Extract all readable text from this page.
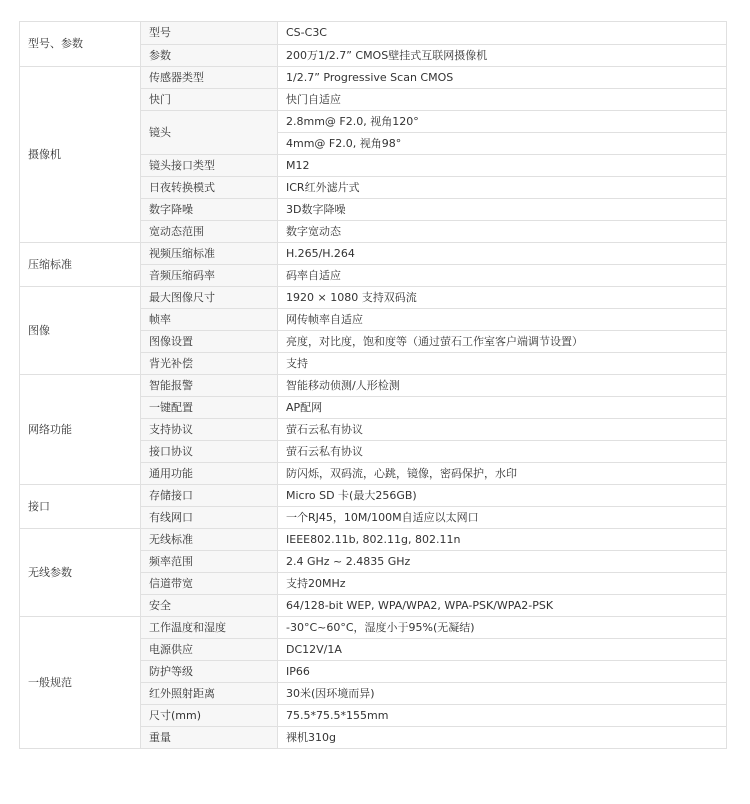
型号、参数	型号	CS-C3C
	参数	200万1/2.7” CMOS壁挂式互联网摄像机
摄像机	传感器类型	1/2.7” Progressive Scan CMOS
	快门	快门自适应
	镜头	2.8mm@ F2.0, 视角120°
		4mm@ F2.0, 视角98°
	镜头接口类型	M12
	日夜转换模式	ICR红外滤片式
	数字降噪	3D数字降噪
	宽动态范围	数字宽动态
压缩标准	视频压缩标准	H.265/H.264
	音频压缩码率	码率自适应
图像	最大图像尺寸	1920 × 1080 支持双码流
	帧率	网传帧率自适应
	图像设置	亮度，对比度，饱和度等（通过萤石工作室客户端调节设置）
	背光补偿	支持
网络功能	智能报警	智能移动侦测/人形检测
	一键配置	AP配网
	支持协议	萤石云私有协议
	接口协议	萤石云私有协议
	通用功能	防闪烁，双码流，心跳，镜像，密码保护，水印
接口	存储接口	Micro SD 卡(最大256GB)
	有线网口	一个RJ45，10M/100M自适应以太网口
无线参数	无线标准	IEEE802.11b, 802.11g, 802.11n
	频率范围	2.4 GHz ~ 2.4835 GHz
	信道带宽	支持20MHz
	安全	64/128-bit WEP, WPA/WPA2, WPA-PSK/WPA2-PSK
一般规范	工作温度和湿度	-30°C~60°C，湿度小于95%(无凝结)
	电源供应	DC12V/1A
	防护等级	IP66
	红外照射距离	30米(因环境而异)
	尺寸(mm)	75.5*75.5*155mm
	重量	裸机310g
